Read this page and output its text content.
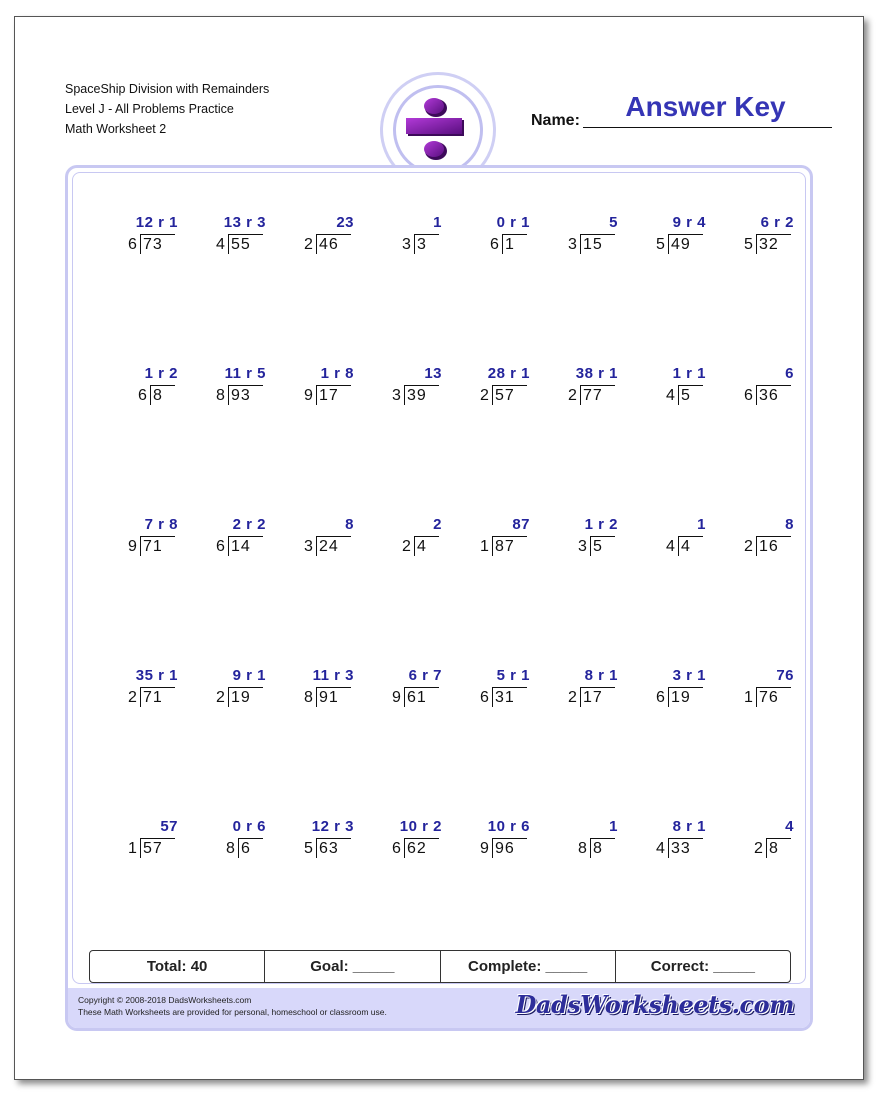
SpaceShip Division with Remainders
Level J - All Problems Practice
Math Worksheet 2	Name:	Answer Key
Copyright © 2008-2018 DadsWorksheets.com
These Math Worksheets are provided for personal, homeschool or classroom use.	DadsWorksheets.com
12 r 1
6 73
13 r 3
4 55
23
2 46
1
3 3
0 r 1
6 1
5
3 15
9 r 4
5 49
6 r 2
5 32
1 r 2
6 8
11 r 5
8 93
1 r 8
9 17
13
3 39
28 r 1
2 57
38 r 1
2 77
1 r 1
4 5
6
6 36
7 r 8
9 71
2 r 2
6 14
8
3 24
2
2 4
87
1 87
1 r 2
3 5
1
4 4
8
2 16
35 r 1
2 71
9 r 1
2 19
11 r 3
8 91
6 r 7
9 61
5 r 1
6 31
8 r 1
2 17
3 r 1
6 19
76
1 76
57
1 57
0 r 6
8 6
12 r 3
5 63
10 r 2
6 62
10 r 6
9 96
1
8 8
8 r 1
4 33
4
2 8
Total: 40	Goal: _____	Complete: _____	Correct: _____
